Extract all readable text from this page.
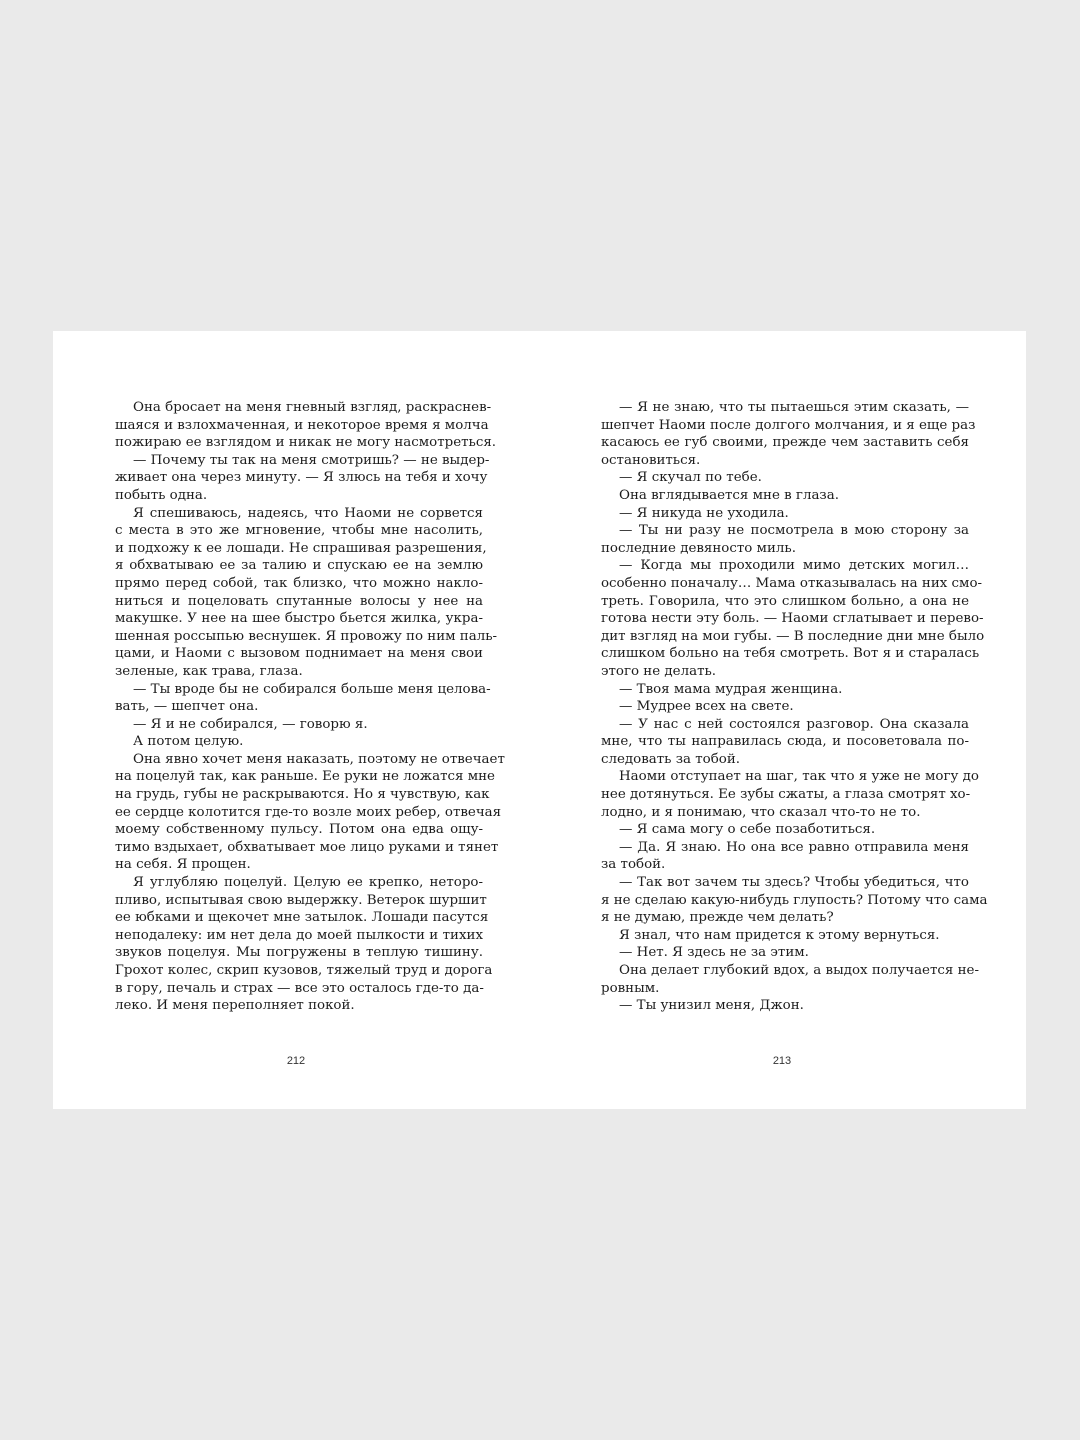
Она бросает на меня гневный взгляд, раскраснев-
шаяся и взлохмаченная, и некоторое время я молча
пожираю ее взглядом и никак не могу насмотреться.
— Почему ты так на меня смотришь? — не выдер-
живает она через минуту. — Я злюсь на тебя и хочу
побыть одна.
Я спешиваюсь, надеясь, что Наоми не сорвется
с места в это же мгновение, чтобы мне насолить,
и подхожу к ее лошади. Не спрашивая разрешения,
я обхватываю ее за талию и спускаю ее на землю
прямо перед собой, так близко, что можно накло-
ниться и поцеловать спутанные волосы у нее на
макушке. У нее на шее быстро бьется жилка, укра-
шенная россыпью веснушек. Я провожу по ним паль-
цами, и Наоми с вызовом поднимает на меня свои
зеленые, как трава, глаза.
— Ты вроде бы не собирался больше меня целова-
вать, — шепчет она.
— Я и не собирался, — говорю я.
А потом целую.
Она явно хочет меня наказать, поэтому не отвечает
на поцелуй так, как раньше. Ее руки не ложатся мне
на грудь, губы не раскрываются. Но я чувствую, как
ее сердце колотится где-то возле моих ребер, отвечая
моему собственному пульсу. Потом она едва ощу-
тимо вздыхает, обхватывает мое лицо руками и тянет
на себя. Я прощен.
Я углубляю поцелуй. Целую ее крепко, неторо-
пливо, испытывая свою выдержку. Ветерок шуршит
ее юбками и щекочет мне затылок. Лошади пасутся
неподалеку: им нет дела до моей пылкости и тихих
звуков поцелуя. Мы погружены в теплую тишину.
Грохот колес, скрип кузовов, тяжелый труд и дорога
в гору, печаль и страх — все это осталось где-то да-
леко. И меня переполняет покой.
212
— Я не знаю, что ты пытаешься этим сказать, —
шепчет Наоми после долгого молчания, и я еще раз
касаюсь ее губ своими, прежде чем заставить себя
остановиться.
— Я скучал по тебе.
Она вглядывается мне в глаза.
— Я никуда не уходила.
— Ты ни разу не посмотрела в мою сторону за
последние девяносто миль.
— Когда мы проходили мимо детских могил…
особенно поначалу… Мама отказывалась на них смо-
треть. Говорила, что это слишком больно, а она не
готова нести эту боль. — Наоми сглатывает и перево-
дит взгляд на мои губы. — В последние дни мне было
слишком больно на тебя смотреть. Вот я и старалась
этого не делать.
— Твоя мама мудрая женщина.
— Мудрее всех на свете.
— У нас с ней состоялся разговор. Она сказала
мне, что ты направилась сюда, и посоветовала по-
следовать за тобой.
Наоми отступает на шаг, так что я уже не могу до
нее дотянуться. Ее зубы сжаты, а глаза смотрят хо-
лодно, и я понимаю, что сказал что-то не то.
— Я сама могу о себе позаботиться.
— Да. Я знаю. Но она все равно отправила меня
за тобой.
— Так вот зачем ты здесь? Чтобы убедиться, что
я не сделаю какую-нибудь глупость? Потому что сама
я не думаю, прежде чем делать?
Я знал, что нам придется к этому вернуться.
— Нет. Я здесь не за этим.
Она делает глубокий вдох, а выдох получается не-
ровным.
— Ты унизил меня, Джон.
213
